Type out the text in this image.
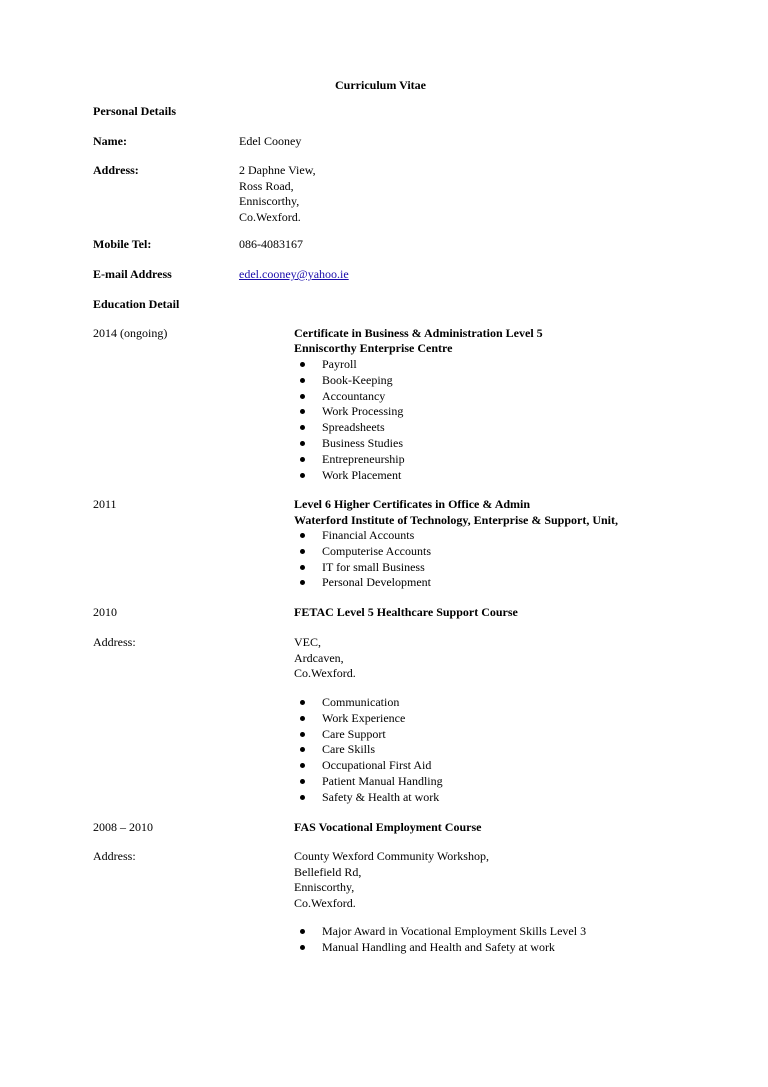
Curriculum Vitae
Personal Details
Name:	Edel Cooney
Address:	2 Daphne View,
Ross Road,
Enniscorthy,
Co.Wexford.
Mobile Tel:	086-4083167
E-mail Address	edel.cooney@yahoo.ie
Education Detail
2014 (ongoing)	Certificate in Business & Administration Level 5
Enniscorthy Enterprise Centre
Payroll
Book-Keeping
Accountancy
Work Processing
Spreadsheets
Business Studies
Entrepreneurship
Work Placement
2011	Level 6 Higher Certificates in Office & Admin
Waterford Institute of Technology, Enterprise & Support, Unit,
Financial Accounts
Computerise Accounts
IT for small Business
Personal Development
2010	FETAC Level 5 Healthcare Support Course
Address:	VEC,
Ardcaven,
Co.Wexford.
Communication
Work Experience
Care Support
Care Skills
Occupational First Aid
Patient Manual Handling
Safety & Health at work
2008 – 2010	FAS Vocational Employment Course
Address:	County Wexford Community Workshop,
Bellefield Rd,
Enniscorthy,
Co.Wexford.
Major Award in Vocational Employment Skills Level 3
Manual Handling and Health and Safety at work
